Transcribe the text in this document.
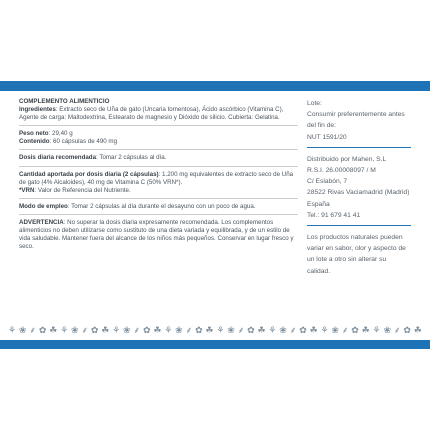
COMPLEMENTO ALIMENTICIO
Ingredientes: Extracto seco de Uña de gato (Uncaria tomentosa), Ácido ascórbico (Vitamina C), Agente de carga: Maltodextrina, Estearato de magnesio y Dióxido de silicio. Cubierta: Gelatina.
Peso neto: 29,40 g
Contenido: 60 cápsulas de 490 mg
Dosis diaria recomendada: Tomar 2 cápsulas al día.
Cantidad aportada por dosis diaria (2 cápsulas): 1.200 mg equivalentes de extracto seco de Uña de gato (4% Alcaloides), 40 mg de Vitamina C (50% VRN*).
*VRN: Valor de Referencia del Nutriente.
Modo de empleo: Tomar 2 cápsulas al día durante el desayuno con un poco de agua.
ADVERTENCIA: No superar la dosis diaria expresamente recomendada. Los complementos alimenticios no deben utilizarse como sustituto de una dieta variada y equilibrada, y de un estilo de vida saludable. Mantener fuera del alcance de los niños más pequeños. Conservar en lugar fresco y seco.
Lote:
Consumir preferentemente antes del fin de:
NUT 1591/20
Distribuido por Mahen, S.L
R.S.I. 26.00008097 / M
C/ Eslabón, 7
28522 Rivas Vaciamadrid (Madrid) España
Tel.: 91 679 41 41
Los productos naturales pueden variar en sabor, olor y aspecto de un lote a otro sin alterar su calidad.
⚘ ❀ ⸙ ✿ ☘ ⚘ ❀ ⸙ ✿ ☘ ⚘ ❀ ⸙ ✿ ☘ ⚘ ❀ ⸙ ✿ ☘ ⚘ ❀ ⸙ ✿ ☘ ⚘ ❀ ⸙ ✿ ☘ ⚘ ❀ ⸙ ✿ ☘ ⚘ ❀ ⸙ ✿ ☘
